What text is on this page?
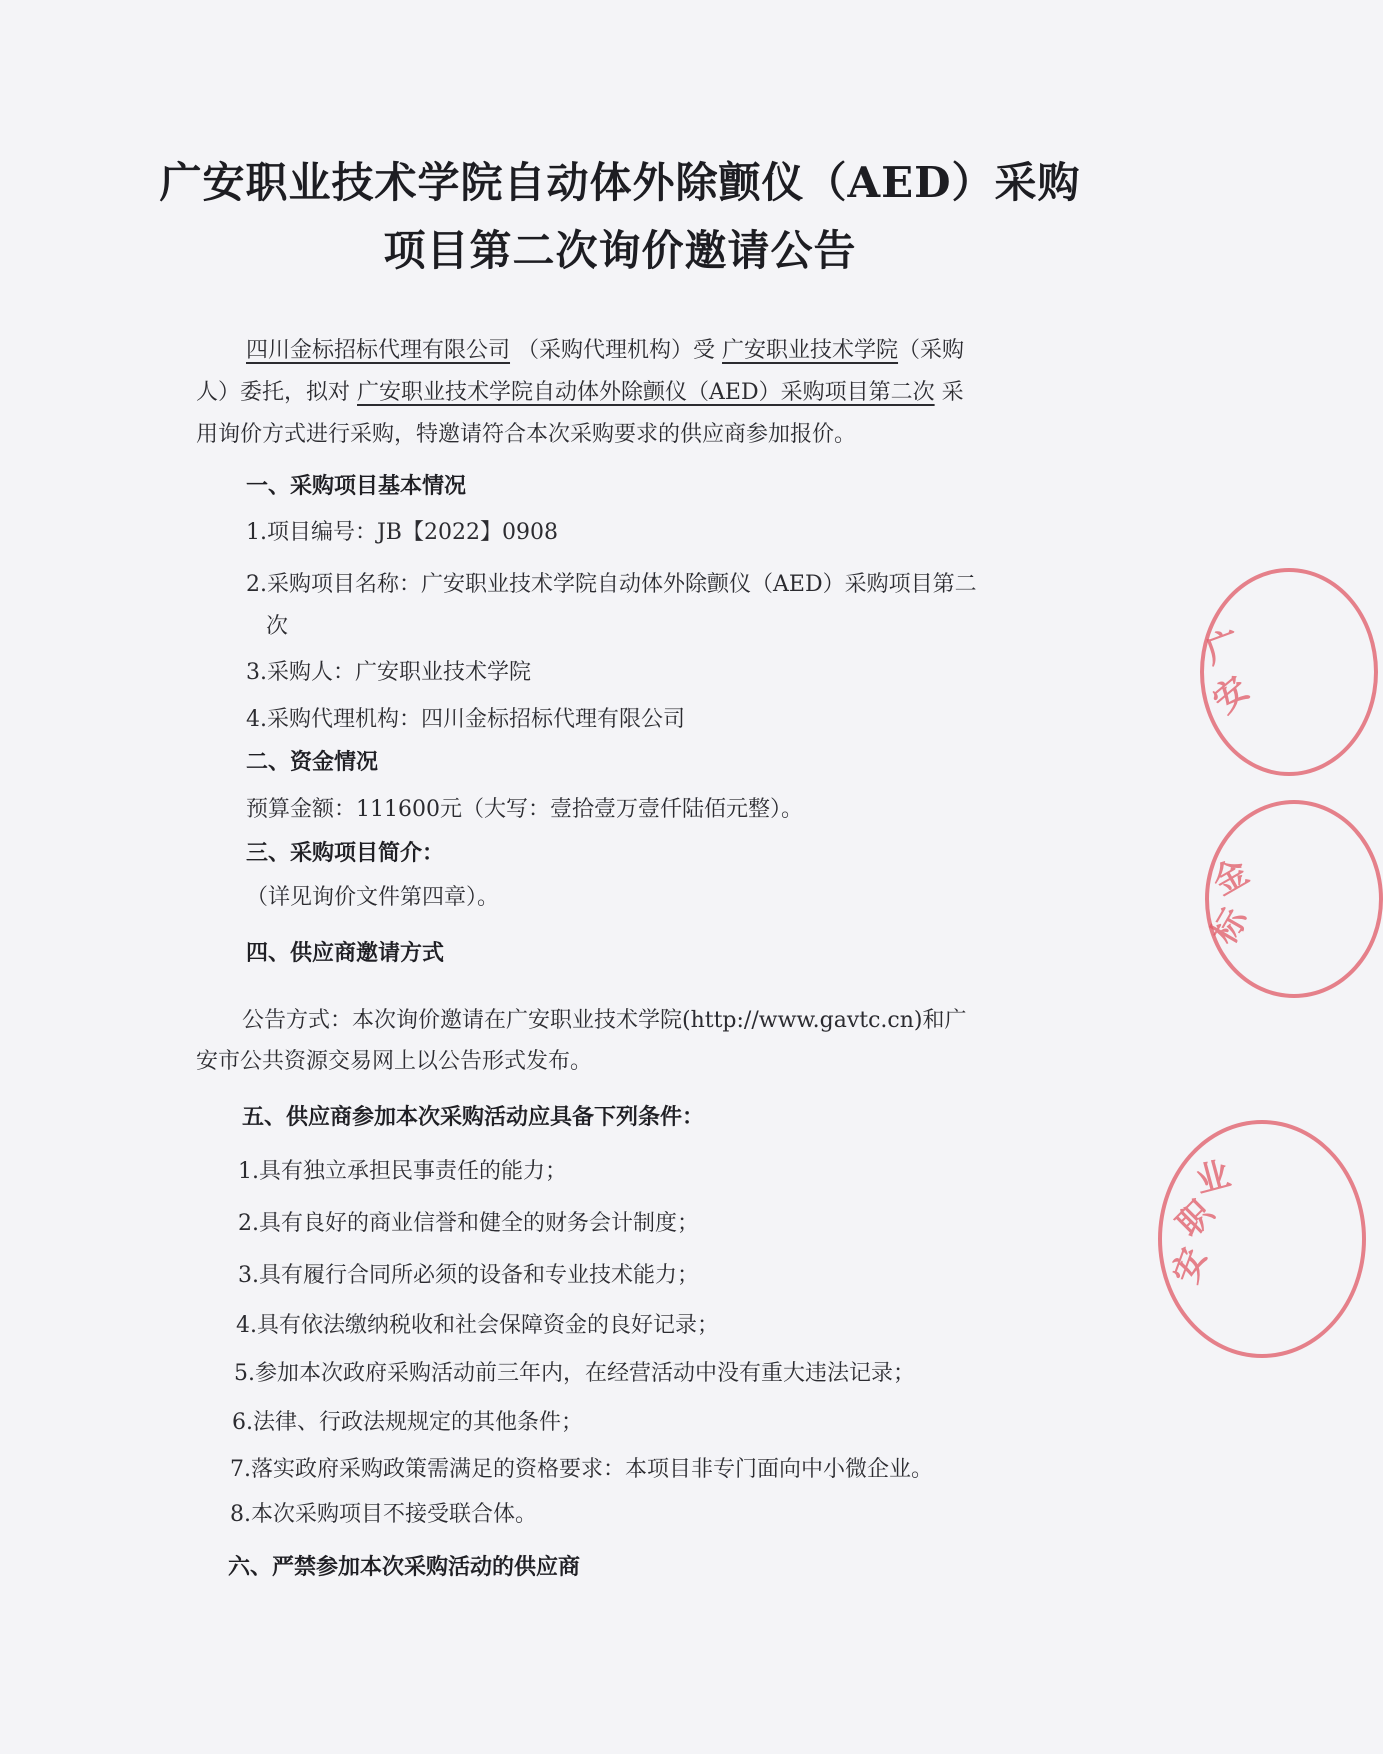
广安职业技术学院自动体外除颤仪（AED）采购
项目第二次询价邀请公告
四川金标招标代理有限公司 （采购代理机构）受 广安职业技术学院（采购
人）委托，拟对 广安职业技术学院自动体外除颤仪（AED）采购项目第二次 采
用询价方式进行采购，特邀请符合本次采购要求的供应商参加报价。
一、采购项目基本情况
1.项目编号：JB【2022】0908
2.采购项目名称：广安职业技术学院自动体外除颤仪（AED）采购项目第二
次
3.采购人：广安职业技术学院
4.采购代理机构：四川金标招标代理有限公司
二、资金情况
预算金额：111600元（大写：壹拾壹万壹仟陆佰元整）。
三、采购项目简介：
（详见询价文件第四章）。
四、供应商邀请方式
公告方式：本次询价邀请在广安职业技术学院(http://www.gavtc.cn)和广
安市公共资源交易网上以公告形式发布。
五、供应商参加本次采购活动应具备下列条件：
1.具有独立承担民事责任的能力；
2.具有良好的商业信誉和健全的财务会计制度；
3.具有履行合同所必须的设备和专业技术能力；
4.具有依法缴纳税收和社会保障资金的良好记录；
5.参加本次政府采购活动前三年内，在经营活动中没有重大违法记录；
6.法律、行政法规规定的其他条件；
7.落实政府采购政策需满足的资格要求：本项目非专门面向中小微企业。
8.本次采购项目不接受联合体。
六、严禁参加本次采购活动的供应商
广
安
金
标
业
安
职
